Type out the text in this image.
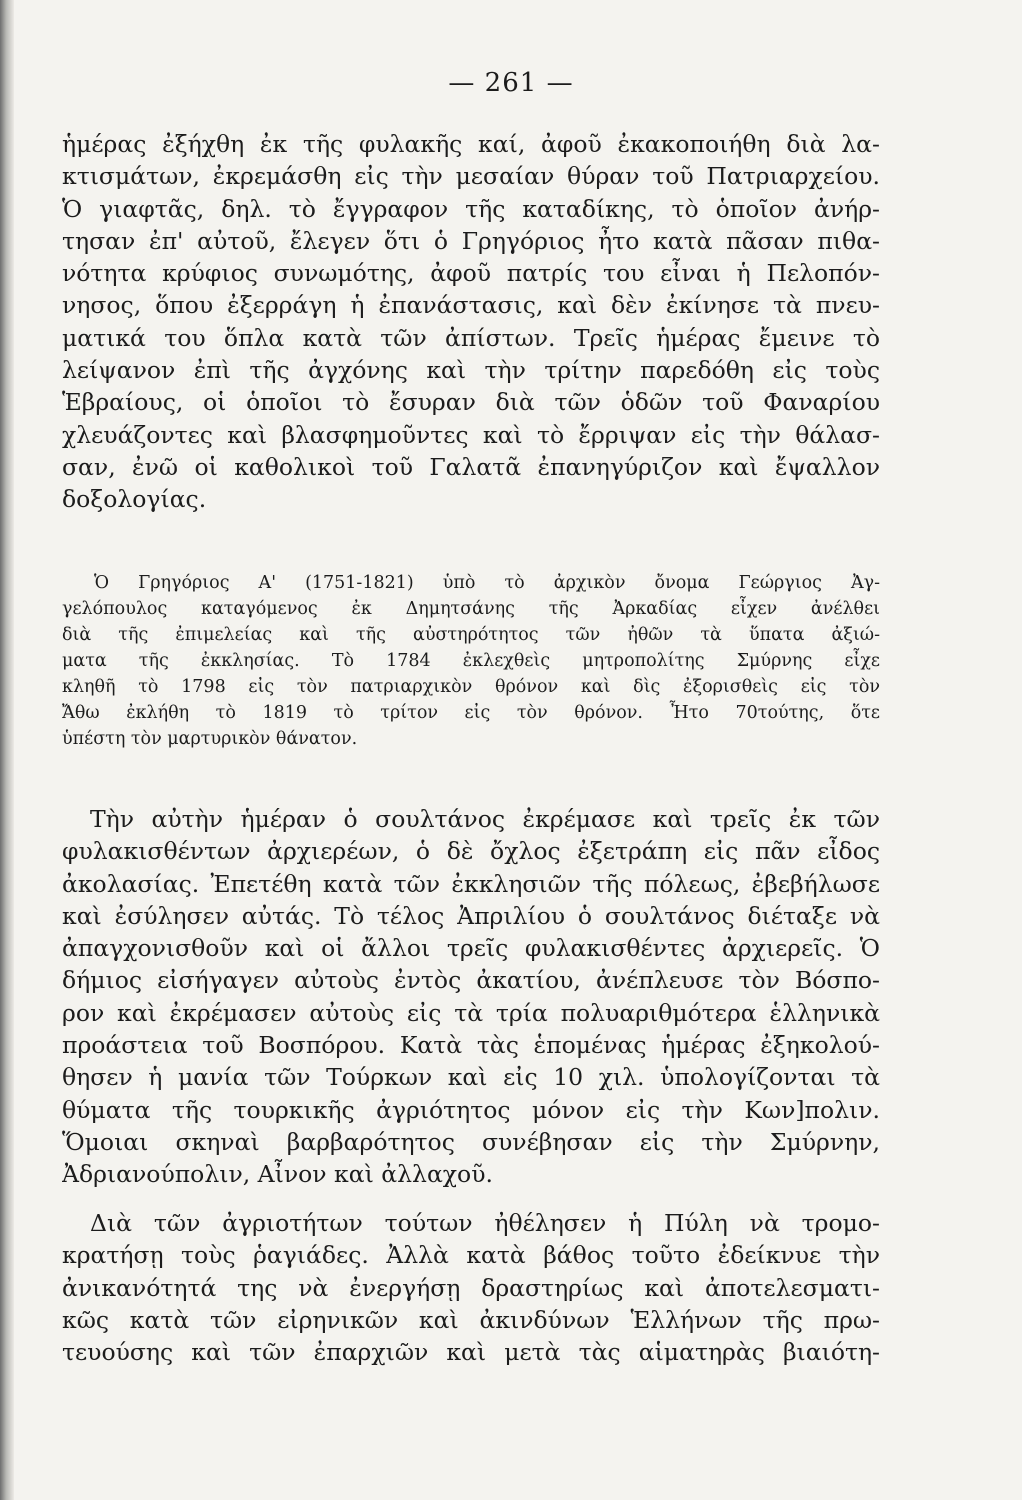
— 261 —
ἡμέρας ἐξήχθη ἐκ τῆς φυλακῆς καί, ἀφοῦ ἐκακοποιήθη διὰ λα-
κτισμάτων, ἐκρεμάσθη εἰς τὴν μεσαίαν θύραν τοῦ Πατριαρχείου.
Ὁ γιαφτᾶς, δηλ. τὸ ἔγγραφον τῆς καταδίκης, τὸ ὁποῖον ἀνήρ-
τησαν ἐπ' αὐτοῦ, ἔλεγεν ὅτι ὁ Γρηγόριος ἦτο κατὰ πᾶσαν πιθα-
νότητα κρύφιος συνωμότης, ἀφοῦ πατρίς του εἶναι ἡ Πελοπόν-
νησος, ὅπου ἐξερράγη ἡ ἐπανάστασις, καὶ δὲν ἐκίνησε τὰ πνευ-
ματικά του ὅπλα κατὰ τῶν ἀπίστων. Τρεῖς ἡμέρας ἔμεινε τὸ
λείψανον ἐπὶ τῆς ἀγχόνης καὶ τὴν τρίτην παρεδόθη εἰς τοὺς
Ἑβραίους, οἱ ὁποῖοι τὸ ἔσυραν διὰ τῶν ὁδῶν τοῦ Φαναρίου
χλευάζοντες καὶ βλασφημοῦντες καὶ τὸ ἔρριψαν εἰς τὴν θάλασ-
σαν, ἐνῶ οἱ καθολικοὶ τοῦ Γαλατᾶ ἐπανηγύριζον καὶ ἔψαλλον
δοξολογίας.
Ὁ Γρηγόριος Α' (1751-1821) ὑπὸ τὸ ἀρχικὸν ὄνομα Γεώργιος Ἀγ-
γελόπουλος καταγόμενος ἐκ Δημητσάνης τῆς Ἀρκαδίας εἶχεν ἀνέλθει
διὰ τῆς ἐπιμελείας καὶ τῆς αὐστηρότητος τῶν ἠθῶν τὰ ὕπατα ἀξιώ-
ματα τῆς ἐκκλησίας. Τὸ 1784 ἐκλεχθεὶς μητροπολίτης Σμύρνης εἶχε
κληθῆ τὸ 1798 εἰς τὸν πατριαρχικὸν θρόνον καὶ δὶς ἐξορισθεὶς εἰς τὸν
Ἄθω ἐκλήθη τὸ 1819 τὸ τρίτον εἰς τὸν θρόνον. Ἦτο 70τούτης, ὅτε
ὑπέστη τὸν μαρτυρικὸν θάνατον.
Τὴν αὐτὴν ἡμέραν ὁ σουλτάνος ἐκρέμασε καὶ τρεῖς ἐκ τῶν
φυλακισθέντων ἀρχιερέων, ὁ δὲ ὄχλος ἐξετράπη εἰς πᾶν εἶδος
ἀκολασίας. Ἐπετέθη κατὰ τῶν ἐκκλησιῶν τῆς πόλεως, ἐβεβήλωσε
καὶ ἐσύλησεν αὐτάς. Τὸ τέλος Ἀπριλίου ὁ σουλτάνος διέταξε νὰ
ἀπαγχονισθοῦν καὶ οἱ ἄλλοι τρεῖς φυλακισθέντες ἀρχιερεῖς. Ὁ
δήμιος εἰσήγαγεν αὐτοὺς ἐντὸς ἀκατίου, ἀνέπλευσε τὸν Βόσπο-
ρον καὶ ἐκρέμασεν αὐτοὺς εἰς τὰ τρία πολυαριθμότερα ἑλληνικὰ
προάστεια τοῦ Βοσπόρου. Κατὰ τὰς ἑπομένας ἡμέρας ἐξηκολού-
θησεν ἡ μανία τῶν Τούρκων καὶ εἰς 10 χιλ. ὑπολογίζονται τὰ
θύματα τῆς τουρκικῆς ἀγριότητος μόνον εἰς τὴν Κων]πολιν.
Ὅμοιαι σκηναὶ βαρβαρότητος συνέβησαν εἰς τὴν Σμύρνην,
Ἀδριανούπολιν, Αἶνον καὶ ἀλλαχοῦ.
Διὰ τῶν ἀγριοτήτων τούτων ἠθέλησεν ἡ Πύλη νὰ τρομο-
κρατήσῃ τοὺς ῥαγιάδες. Ἀλλὰ κατὰ βάθος τοῦτο ἐδείκνυε τὴν
ἀνικανότητά της νὰ ἐνεργήσῃ δραστηρίως καὶ ἀποτελεσματι-
κῶς κατὰ τῶν εἰρηνικῶν καὶ ἀκινδύνων Ἑλλήνων τῆς πρω-
τευούσης καὶ τῶν ἐπαρχιῶν καὶ μετὰ τὰς αἱματηρὰς βιαιότη-
